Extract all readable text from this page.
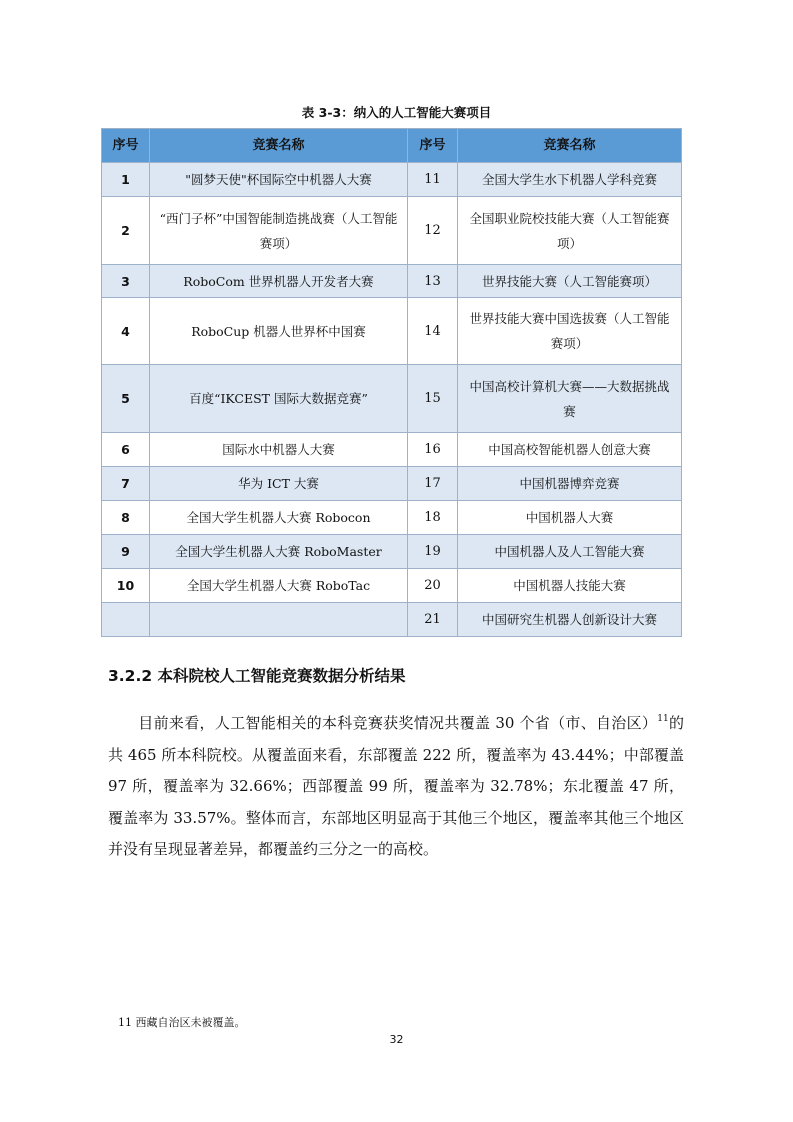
表 3-3：纳入的人工智能大赛项目
序号	竞赛名称	序号	竞赛名称
1	"圆梦天使"杯国际空中机器人大赛	11	全国大学生水下机器人学科竞赛
2	“西门子杯”中国智能制造挑战赛（人工智能赛项）	12	全国职业院校技能大赛（人工智能赛项）
3	RoboCom 世界机器人开发者大赛	13	世界技能大赛（人工智能赛项）
4	RoboCup 机器人世界杯中国赛	14	世界技能大赛中国选拔赛（人工智能赛项）
5	百度“IKCEST 国际大数据竞赛”	15	中国高校计算机大赛——大数据挑战赛
6	国际水中机器人大赛	16	中国高校智能机器人创意大赛
7	华为 ICT 大赛	17	中国机器博弈竞赛
8	全国大学生机器人大赛 Robocon	18	中国机器人大赛
9	全国大学生机器人大赛 RoboMaster	19	中国机器人及人工智能大赛
10	全国大学生机器人大赛 RoboTac	20	中国机器人技能大赛
		21	中国研究生机器人创新设计大赛
3.2.2 本科院校人工智能竞赛数据分析结果
目前来看，人工智能相关的本科竞赛获奖情况共覆盖 30 个省（市、自治区）$^{11}$的共 465 所本科院校。从覆盖面来看，东部覆盖 222 所，覆盖率为 43.44%；中部覆盖 97 所，覆盖率为 32.66%；西部覆盖 99 所，覆盖率为 32.78%；东北覆盖 47 所，覆盖率为 33.57%。整体而言，东部地区明显高于其他三个地区，覆盖率其他三个地区并没有呈现显著差异，都覆盖约三分之一的高校。
11 西藏自治区未被覆盖。
32
